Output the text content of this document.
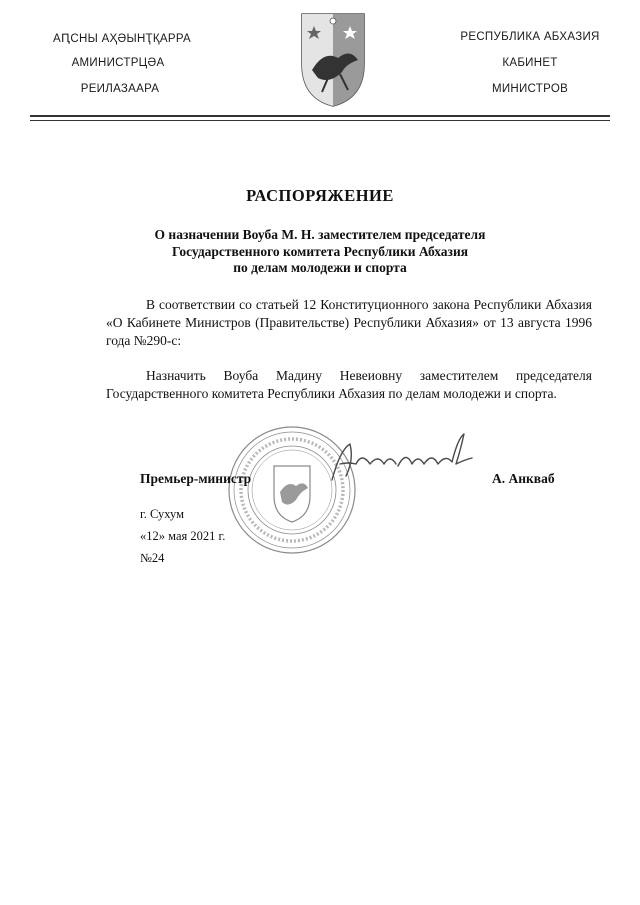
АԤСНЫ АҲӘЫНҬҚАРРА
АМИНИСТРЦӘА
РЕИЛАЗААРА
РЕСПУБЛИКА АБХАЗИЯ
КАБИНЕТ
МИНИСТРОВ
РАСПОРЯЖЕНИЕ
О назначении Воуба М. Н. заместителем председателя
Государственного комитета Республики Абхазия
по делам молодежи и спорта
В соответствии со статьей 12 Конституционного закона Республики Абхазия «О Кабинете Министров (Правительстве) Республики Абхазия» от 13 августа 1996 года №290-с:
Назначить Воуба Мадину Невеиовну заместителем председателя Государственного комитета Республики Абхазия по делам молодежи и спорта.
Премьер-министр	А. Анкваб
г. Сухум
«12» мая 2021 г.
№24
